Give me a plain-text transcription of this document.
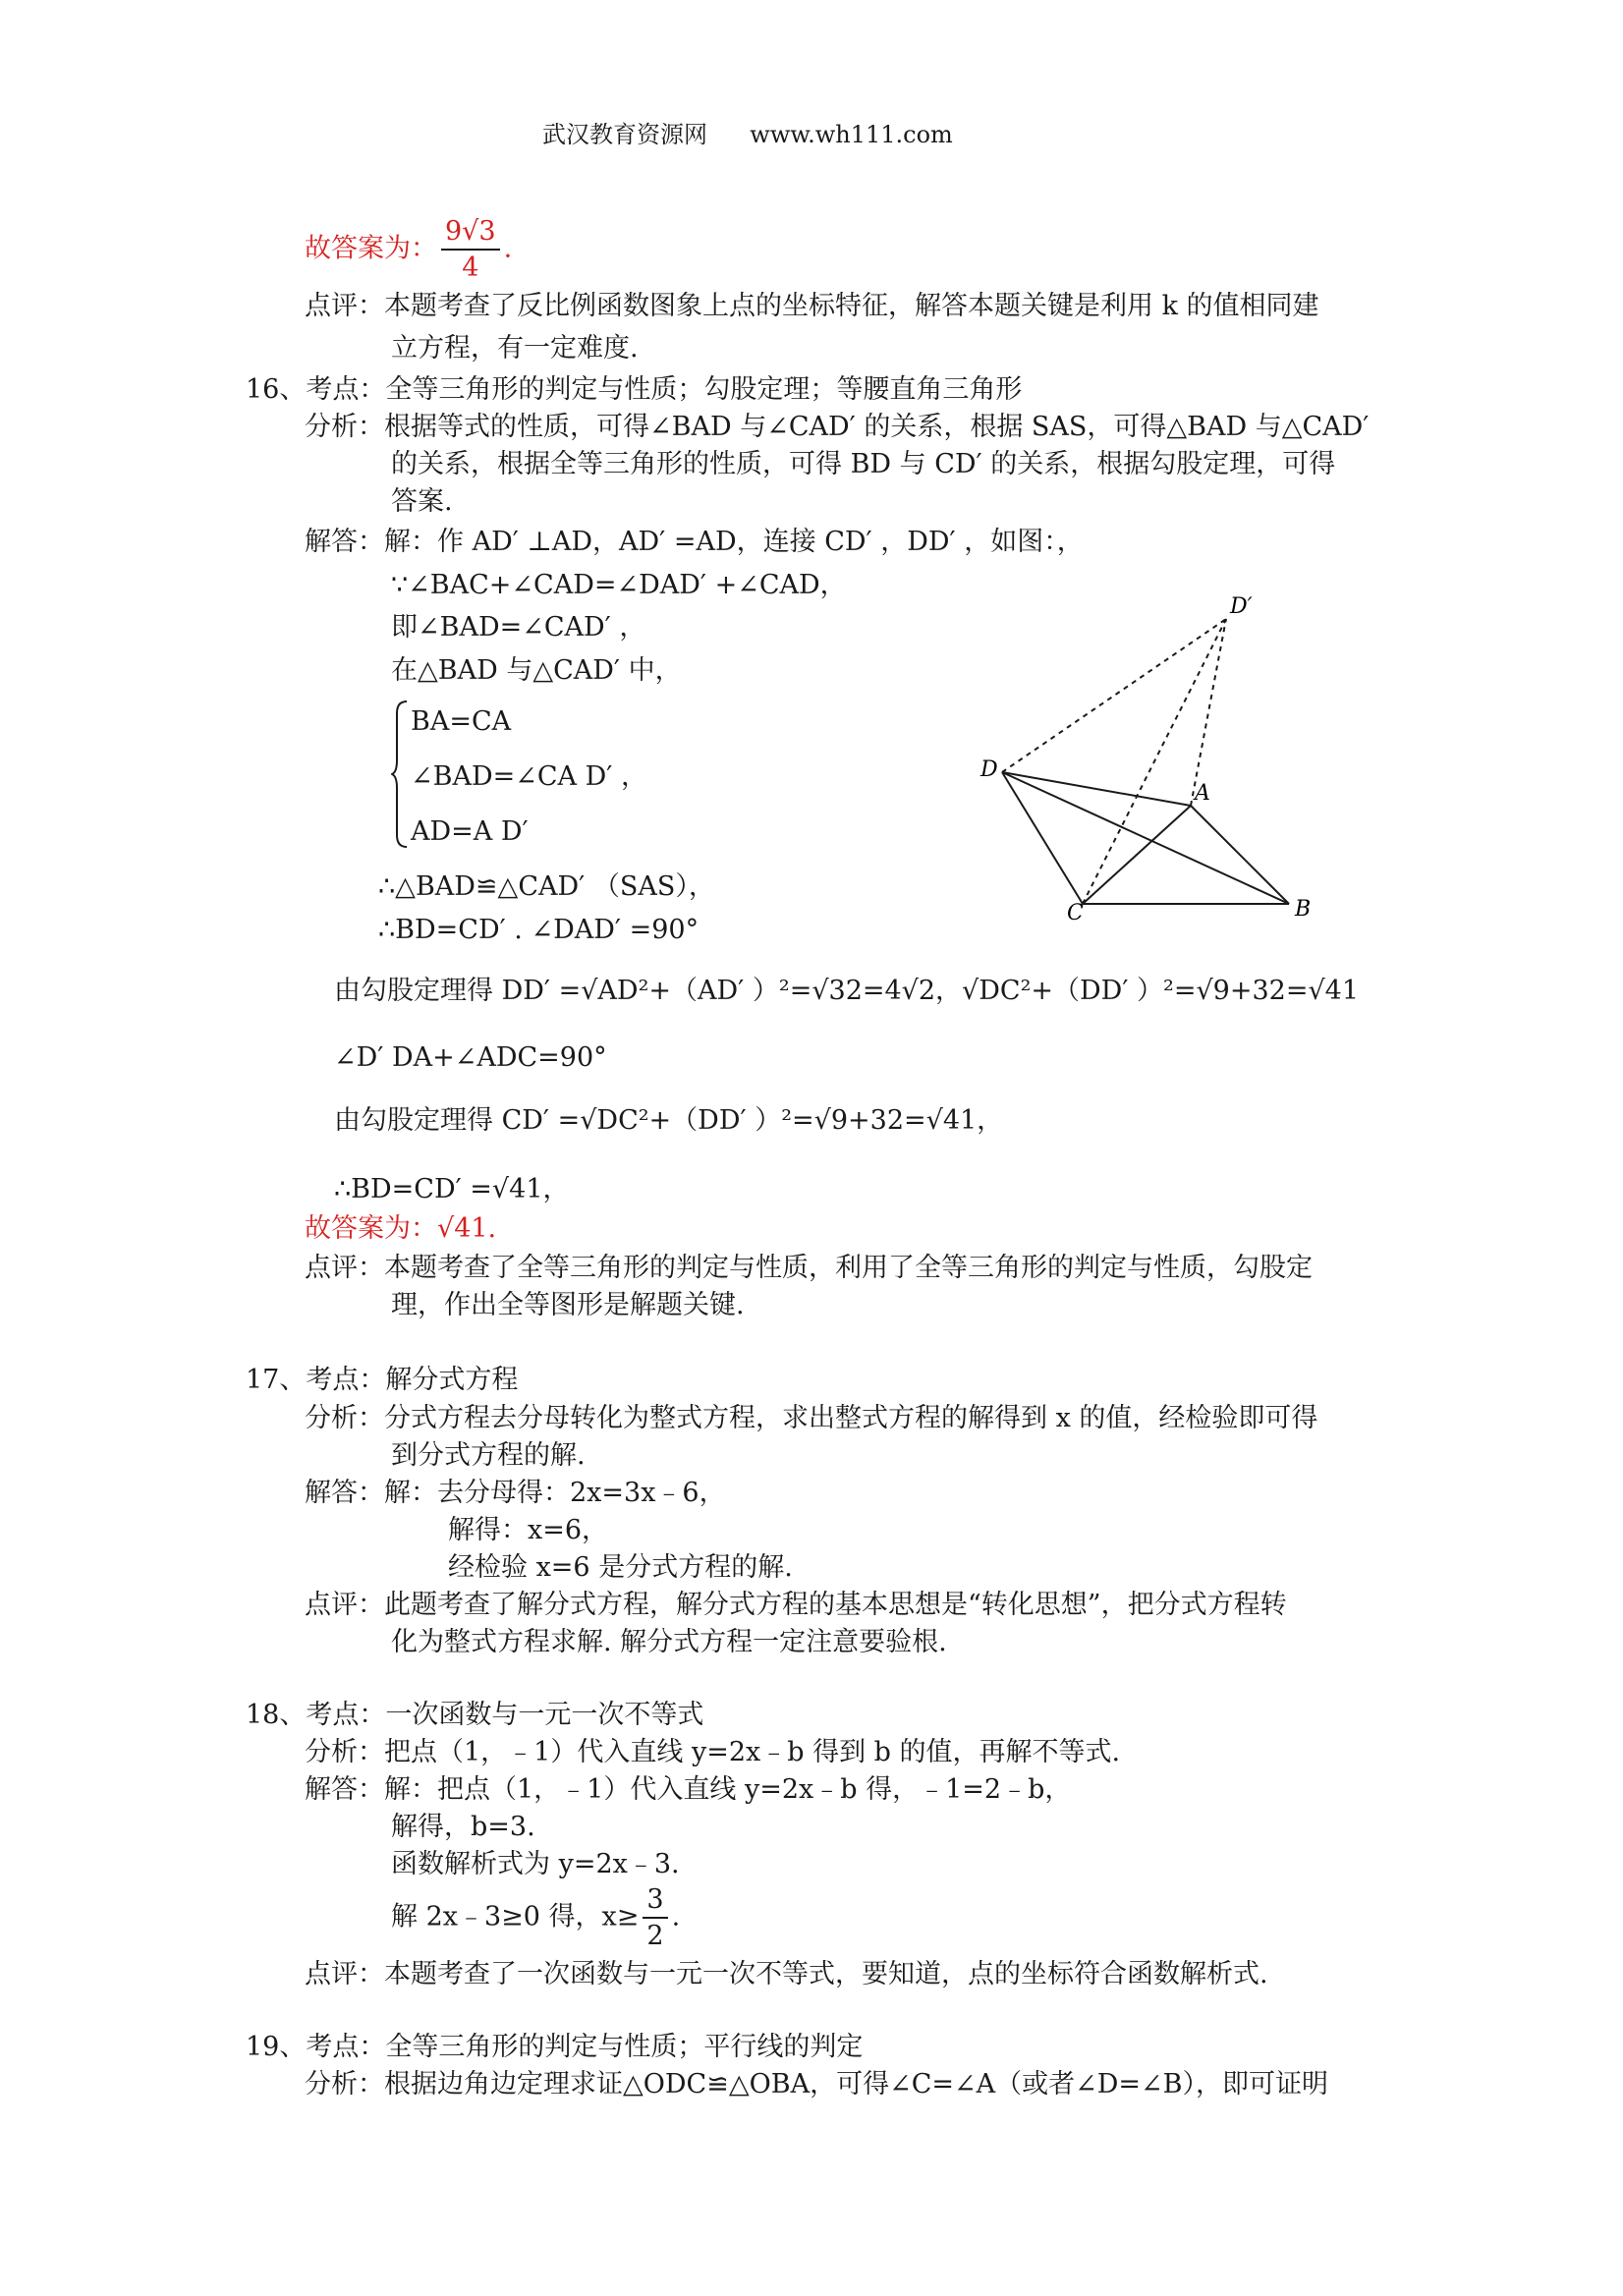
武汉教育资源网 www.wh111.com
故答案为： $\frac{9√3}{4}$ .
点评：本题考查了反比例函数图象上点的坐标特征，解答本题关键是利用 k 的值相同建
立方程，有一定难度.
16、考点：全等三角形的判定与性质；勾股定理；等腰直角三角形
分析：根据等式的性质，可得∠BAD 与∠CAD′ 的关系，根据 SAS，可得△BAD 与△CAD′
的关系，根据全等三角形的性质，可得 BD 与 CD′ 的关系，根据勾股定理，可得
答案.
解答：解：作 AD′ ⊥AD，AD′ =AD，连接 CD′ ，DD′ ，如图：，
∵∠BAC+∠CAD=∠DAD′ +∠CAD，
即∠BAD=∠CAD′ ，
在△BAD 与△CAD′ 中，
BA=CA
∠BAD=∠CA D′ ，
AD=A D′
∴△BAD≌△CAD′ （SAS），
∴BD=CD′ . ∠DAD′ =90°
由勾股定理得 DD′ =√AD²+（AD′ ）²=√32=4√2，√DC²+（DD′ ）²=√9+32=√41
∠D′ DA+∠ADC=90°
由勾股定理得 CD′ =√DC²+（DD′ ）²=√9+32=√41，
∴BD=CD′ =√41，
故答案为：√41.
点评：本题考查了全等三角形的判定与性质，利用了全等三角形的判定与性质，勾股定
理，作出全等图形是解题关键.
D′
D
A
C	B
17、考点：解分式方程
分析：分式方程去分母转化为整式方程，求出整式方程的解得到 x 的值，经检验即可得
到分式方程的解.
解答：解：去分母得：2x=3x﹣6，
解得：x=6，
经检验 x=6 是分式方程的解.
点评：此题考查了解分式方程，解分式方程的基本思想是“转化思想”，把分式方程转
化为整式方程求解. 解分式方程一定注意要验根.
18、考点：一次函数与一元一次不等式
分析：把点（1，﹣1）代入直线 y=2x﹣b 得到 b 的值，再解不等式.
解答：解：把点（1，﹣1）代入直线 y=2x﹣b 得，﹣1=2﹣b，
解得，b=3.
函数解析式为 y=2x﹣3.
解 2x﹣3≥0 得，$x\ge \frac{3}{2}$ .
点评：本题考查了一次函数与一元一次不等式，要知道，点的坐标符合函数解析式.
19、考点：全等三角形的判定与性质；平行线的判定
分析：根据边角边定理求证△ODC≌△OBA，可得∠C=∠A（或者∠D=∠B），即可证明
